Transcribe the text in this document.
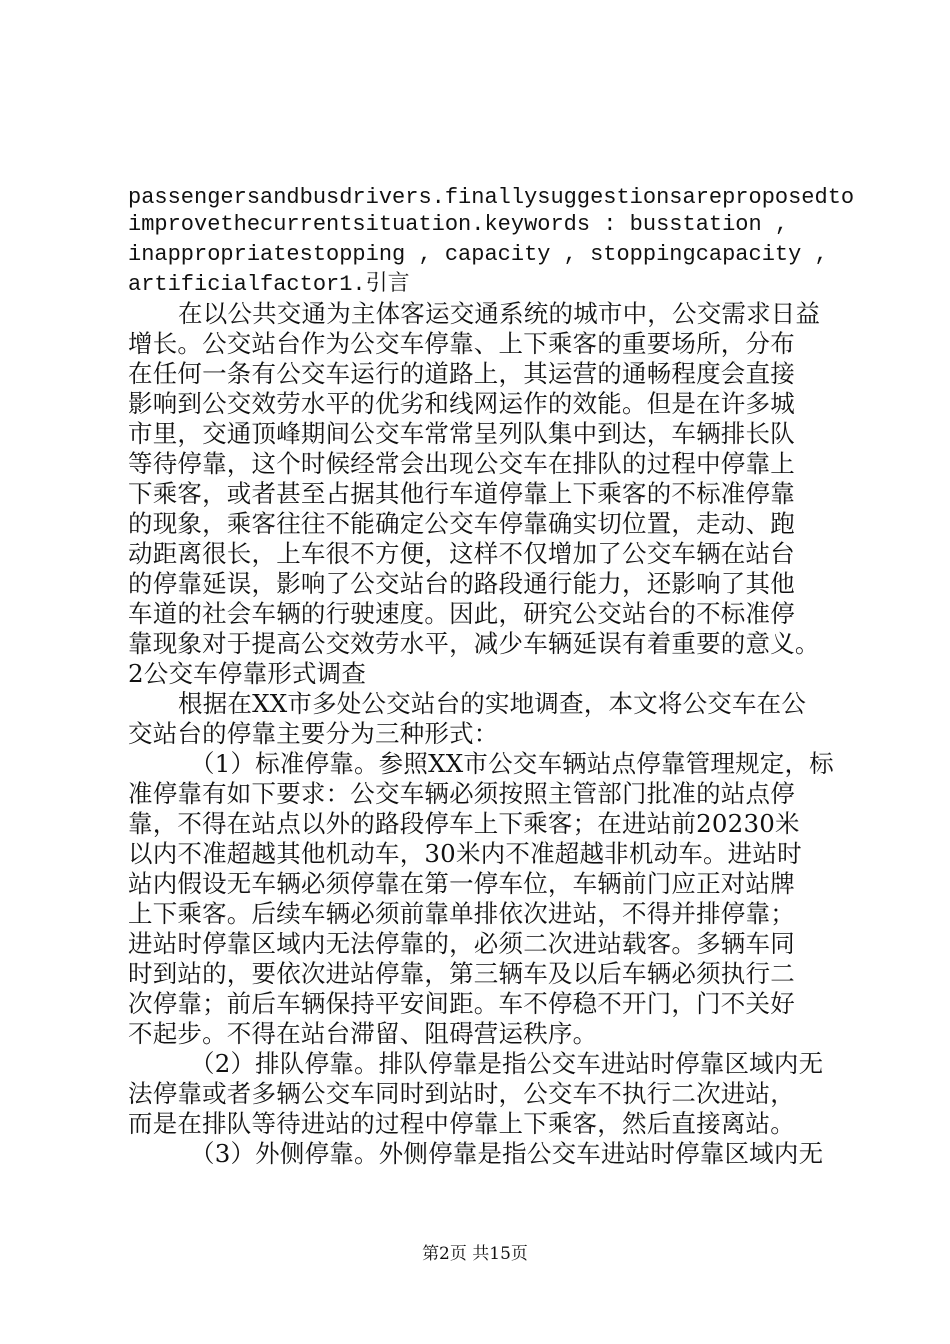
passengersandbusdrivers.finallysuggestionsareproposedto
improvethecurrentsituation.keywords : busstation ,
inappropriatestopping , capacity , stoppingcapacity ,
artificialfactor1.引言
在以公共交通为主体客运交通系统的城市中，公交需求日益
增长。公交站台作为公交车停靠、上下乘客的重要场所，分布
在任何一条有公交车运行的道路上，其运营的通畅程度会直接
影响到公交效劳水平的优劣和线网运作的效能。但是在许多城
市里，交通顶峰期间公交车常常呈列队集中到达，车辆排长队
等待停靠，这个时候经常会出现公交车在排队的过程中停靠上
下乘客，或者甚至占据其他行车道停靠上下乘客的不标准停靠
的现象，乘客往往不能确定公交车停靠确实切位置，走动、跑
动距离很长，上车很不方便，这样不仅增加了公交车辆在站台
的停靠延误，影响了公交站台的路段通行能力，还影响了其他
车道的社会车辆的行驶速度。因此，研究公交站台的不标准停
靠现象对于提高公交效劳水平，减少车辆延误有着重要的意义。
2公交车停靠形式调查
根据在XX市多处公交站台的实地调查，本文将公交车在公
交站台的停靠主要分为三种形式：
（1）标准停靠。参照XX市公交车辆站点停靠管理规定，标
准停靠有如下要求：公交车辆必须按照主管部门批准的站点停
靠，不得在站点以外的路段停车上下乘客；在进站前20230米
以内不准超越其他机动车，30米内不准超越非机动车。进站时
站内假设无车辆必须停靠在第一停车位，车辆前门应正对站牌
上下乘客。后续车辆必须前靠单排依次进站，不得并排停靠；
进站时停靠区域内无法停靠的，必须二次进站载客。多辆车同
时到站的，要依次进站停靠，第三辆车及以后车辆必须执行二
次停靠；前后车辆保持平安间距。车不停稳不开门，门不关好
不起步。不得在站台滞留、阻碍营运秩序。
（2）排队停靠。排队停靠是指公交车进站时停靠区域内无
法停靠或者多辆公交车同时到站时，公交车不执行二次进站，
而是在排队等待进站的过程中停靠上下乘客，然后直接离站。
（3）外侧停靠。外侧停靠是指公交车进站时停靠区域内无
第2页 共15页
